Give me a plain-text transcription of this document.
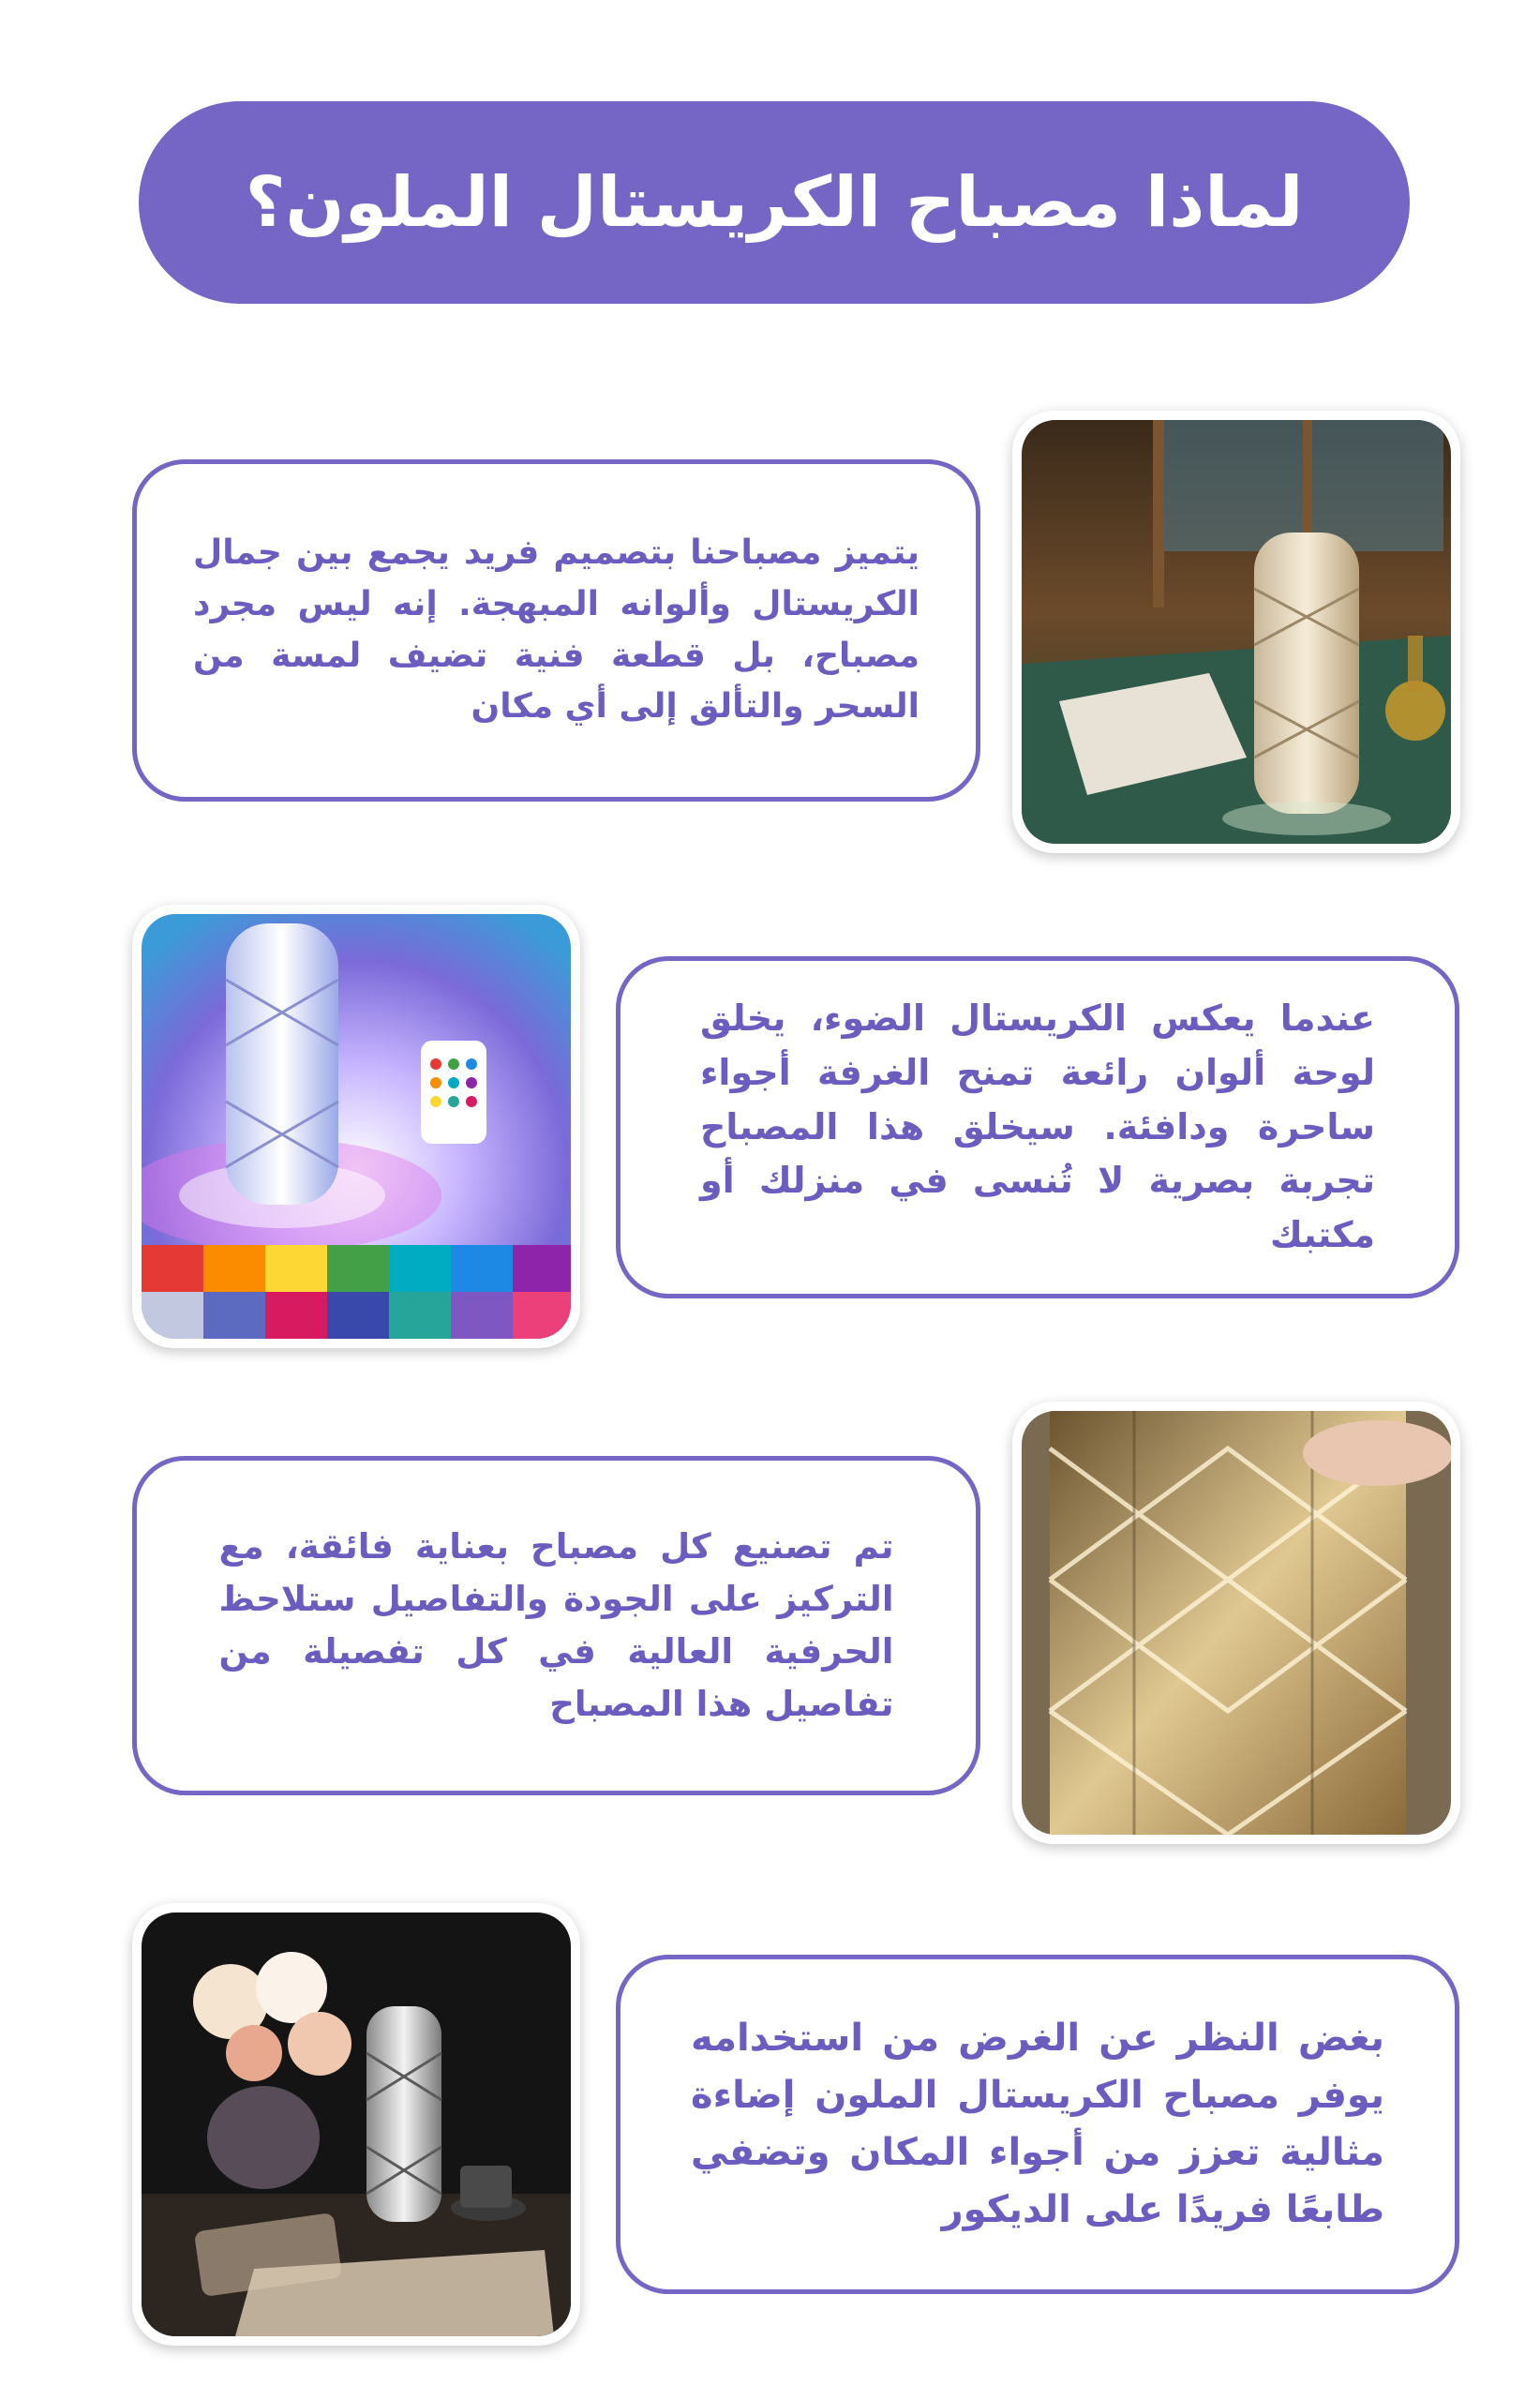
لماذا مصباح الكريستال الملون؟

يتميز مصباحنا بتصميم فريد يجمع بين جمال الكريستال وألوانه المبهجة. إنه ليس مجرد مصباح، بل قطعة فنية تضيف لمسة من السحر والتألق إلى أي مكان

عندما يعكس الكريستال الضوء، يخلق لوحة ألوان رائعة تمنح الغرفة أجواء ساحرة ودافئة. سيخلق هذا المصباح تجربة بصرية لا تُنسى في منزلك أو مكتبك

تم تصنيع كل مصباح بعناية فائقة، مع التركيز على الجودة والتفاصيل ستلاحظ الحرفية العالية في كل تفصيلة من تفاصيل هذا المصباح

بغض النظر عن الغرض من استخدامه يوفر مصباح الكريستال الملون إضاءة مثالية تعزز من أجواء المكان وتضفي طابعًا فريدًا على الديكور
